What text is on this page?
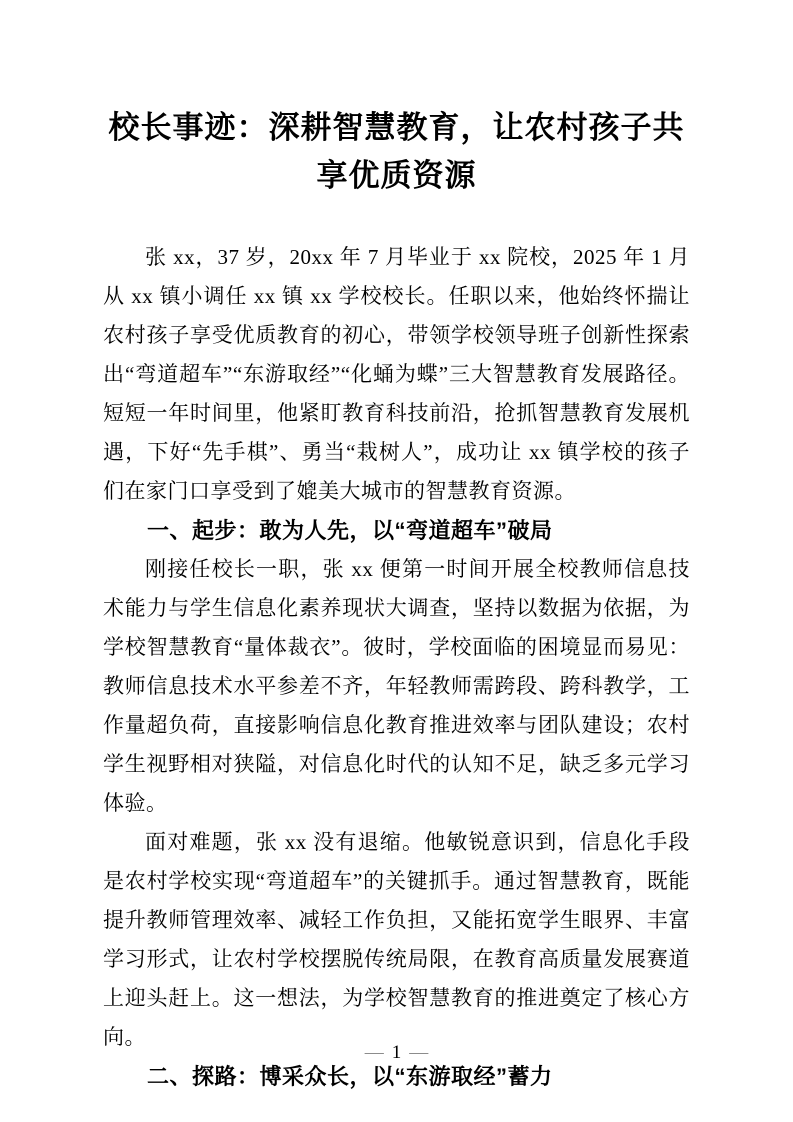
校长事迹：深耕智慧教育，让农村孩子共享优质资源

张 xx，37 岁，20xx 年 7 月毕业于 xx 院校，2025 年 1 月从 xx 镇小调任 xx 镇 xx 学校校长。任职以来，他始终怀揣让农村孩子享受优质教育的初心，带领学校领导班子创新性探索出“弯道超车”“东游取经”“化蛹为蝶”三大智慧教育发展路径。短短一年时间里，他紧盯教育科技前沿，抢抓智慧教育发展机遇，下好“先手棋”、勇当“栽树人”，成功让 xx 镇学校的孩子们在家门口享受到了媲美大城市的智慧教育资源。

一、起步：敢为人先，以“弯道超车”破局

刚接任校长一职，张 xx 便第一时间开展全校教师信息技术能力与学生信息化素养现状大调查，坚持以数据为依据，为学校智慧教育“量体裁衣”。彼时，学校面临的困境显而易见：教师信息技术水平参差不齐，年轻教师需跨段、跨科教学，工作量超负荷，直接影响信息化教育推进效率与团队建设；农村学生视野相对狭隘，对信息化时代的认知不足，缺乏多元学习体验。

面对难题，张 xx 没有退缩。他敏锐意识到，信息化手段是农村学校实现“弯道超车”的关键抓手。通过智慧教育，既能提升教师管理效率、减轻工作负担，又能拓宽学生眼界、丰富学习形式，让农村学校摆脱传统局限，在教育高质量发展赛道上迎头赶上。这一想法，为学校智慧教育的推进奠定了核心方向。

二、探路：博采众长，以“东游取经”蓄力
— 1 —
